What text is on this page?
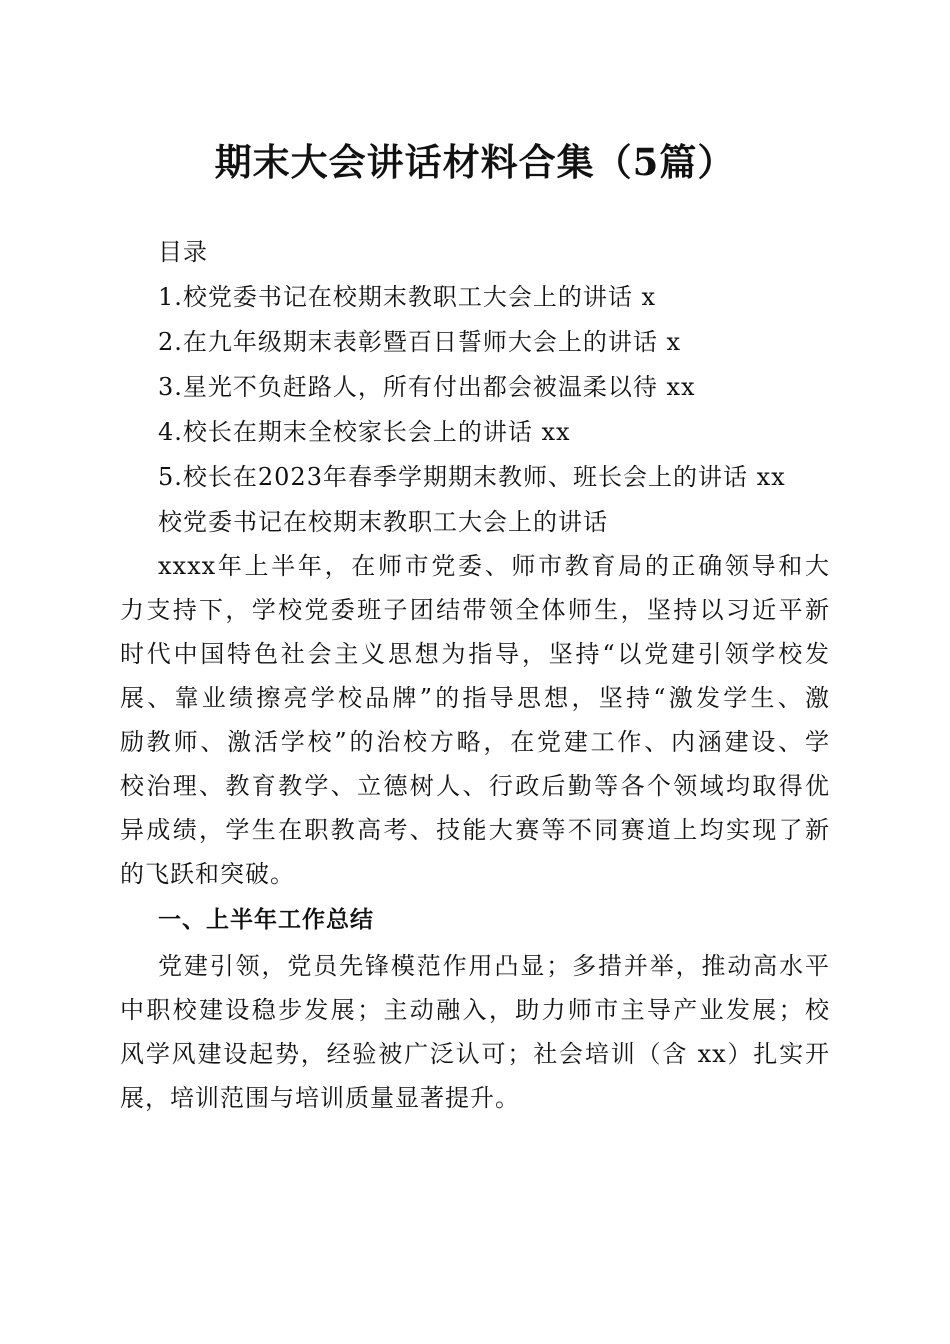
期末大会讲话材料合集（5篇）
目录
1.校党委书记在校期末教职工大会上的讲话 x
2.在九年级期末表彰暨百日誓师大会上的讲话 x
3.星光不负赶路人，所有付出都会被温柔以待 xx
4.校长在期末全校家长会上的讲话 xx
5.校长在2023年春季学期期末教师、班长会上的讲话 xx
校党委书记在校期末教职工大会上的讲话
xxxx年上半年，在师市党委、师市教育局的正确领导和大
力支持下，学校党委班子团结带领全体师生，坚持以习近平新
时代中国特色社会主义思想为指导，坚持“以党建引领学校发
展、靠业绩擦亮学校品牌”的指导思想，坚持“激发学生、激
励教师、激活学校”的治校方略，在党建工作、内涵建设、学
校治理、教育教学、立德树人、行政后勤等各个领域均取得优
异成绩，学生在职教高考、技能大赛等不同赛道上均实现了新
的飞跃和突破。
一、上半年工作总结
党建引领，党员先锋模范作用凸显；多措并举，推动高水平
中职校建设稳步发展；主动融入，助力师市主导产业发展；校
风学风建设起势，经验被广泛认可；社会培训（含 xx）扎实开
展，培训范围与培训质量显著提升。
